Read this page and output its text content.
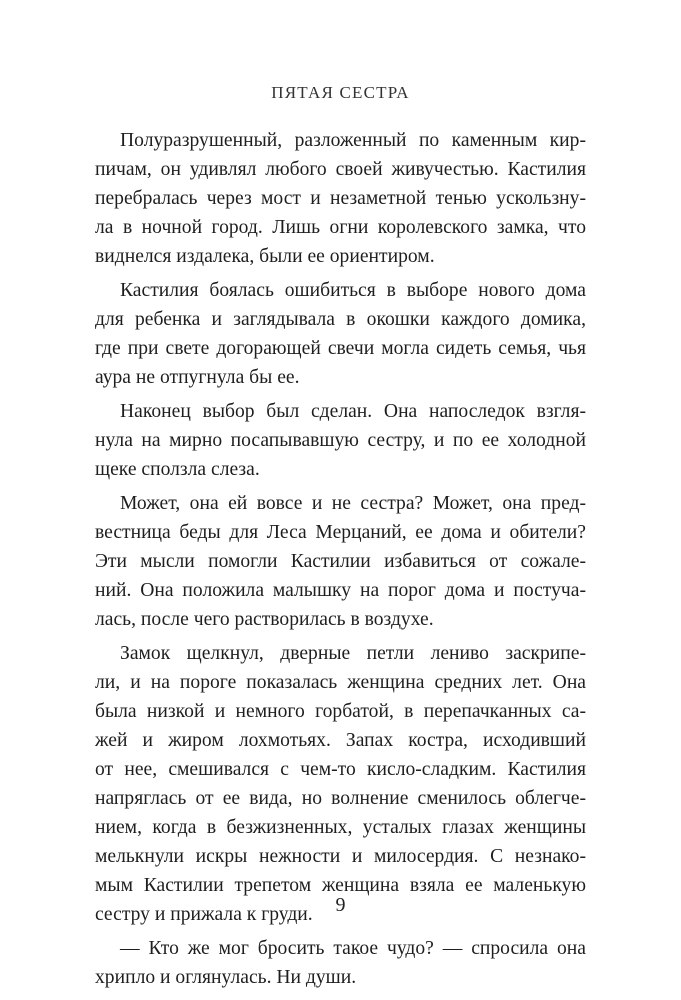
ПЯТАЯ СЕСТРА
Полуразрушенный, разложенный по каменным кир-
пичам, он удивлял любого своей живучестью. Кастилия
перебралась через мост и незаметной тенью ускользну-
ла в ночной город. Лишь огни королевского замка, что
виднелся издалека, были ее ориентиром.
Кастилия боялась ошибиться в выборе нового дома
для ребенка и заглядывала в окошки каждого домика,
где при свете догорающей свечи могла сидеть семья, чья
аура не отпугнула бы ее.
Наконец выбор был сделан. Она напоследок взгля-
нула на мирно посапывавшую сестру, и по ее холодной
щеке сползла слеза.
Может, она ей вовсе и не сестра? Может, она пред-
вестница беды для Леса Мерцаний, ее дома и обители?
Эти мысли помогли Кастилии избавиться от сожале-
ний. Она положила малышку на порог дома и постуча-
лась, после чего растворилась в воздухе.
Замок щелкнул, дверные петли лениво заскрипе-
ли, и на пороге показалась женщина средних лет. Она
была низкой и немного горбатой, в перепачканных са-
жей и жиром лохмотьях. Запах костра, исходивший
от нее, смешивался с чем-то кисло-сладким. Кастилия
напряглась от ее вида, но волнение сменилось облегче-
нием, когда в безжизненных, усталых глазах женщины
мелькнули искры нежности и милосердия. С незнако-
мым Кастилии трепетом женщина взяла ее маленькую
сестру и прижала к груди.
— Кто же мог бросить такое чудо? — спросила она
хрипло и оглянулась. Ни души.
9
